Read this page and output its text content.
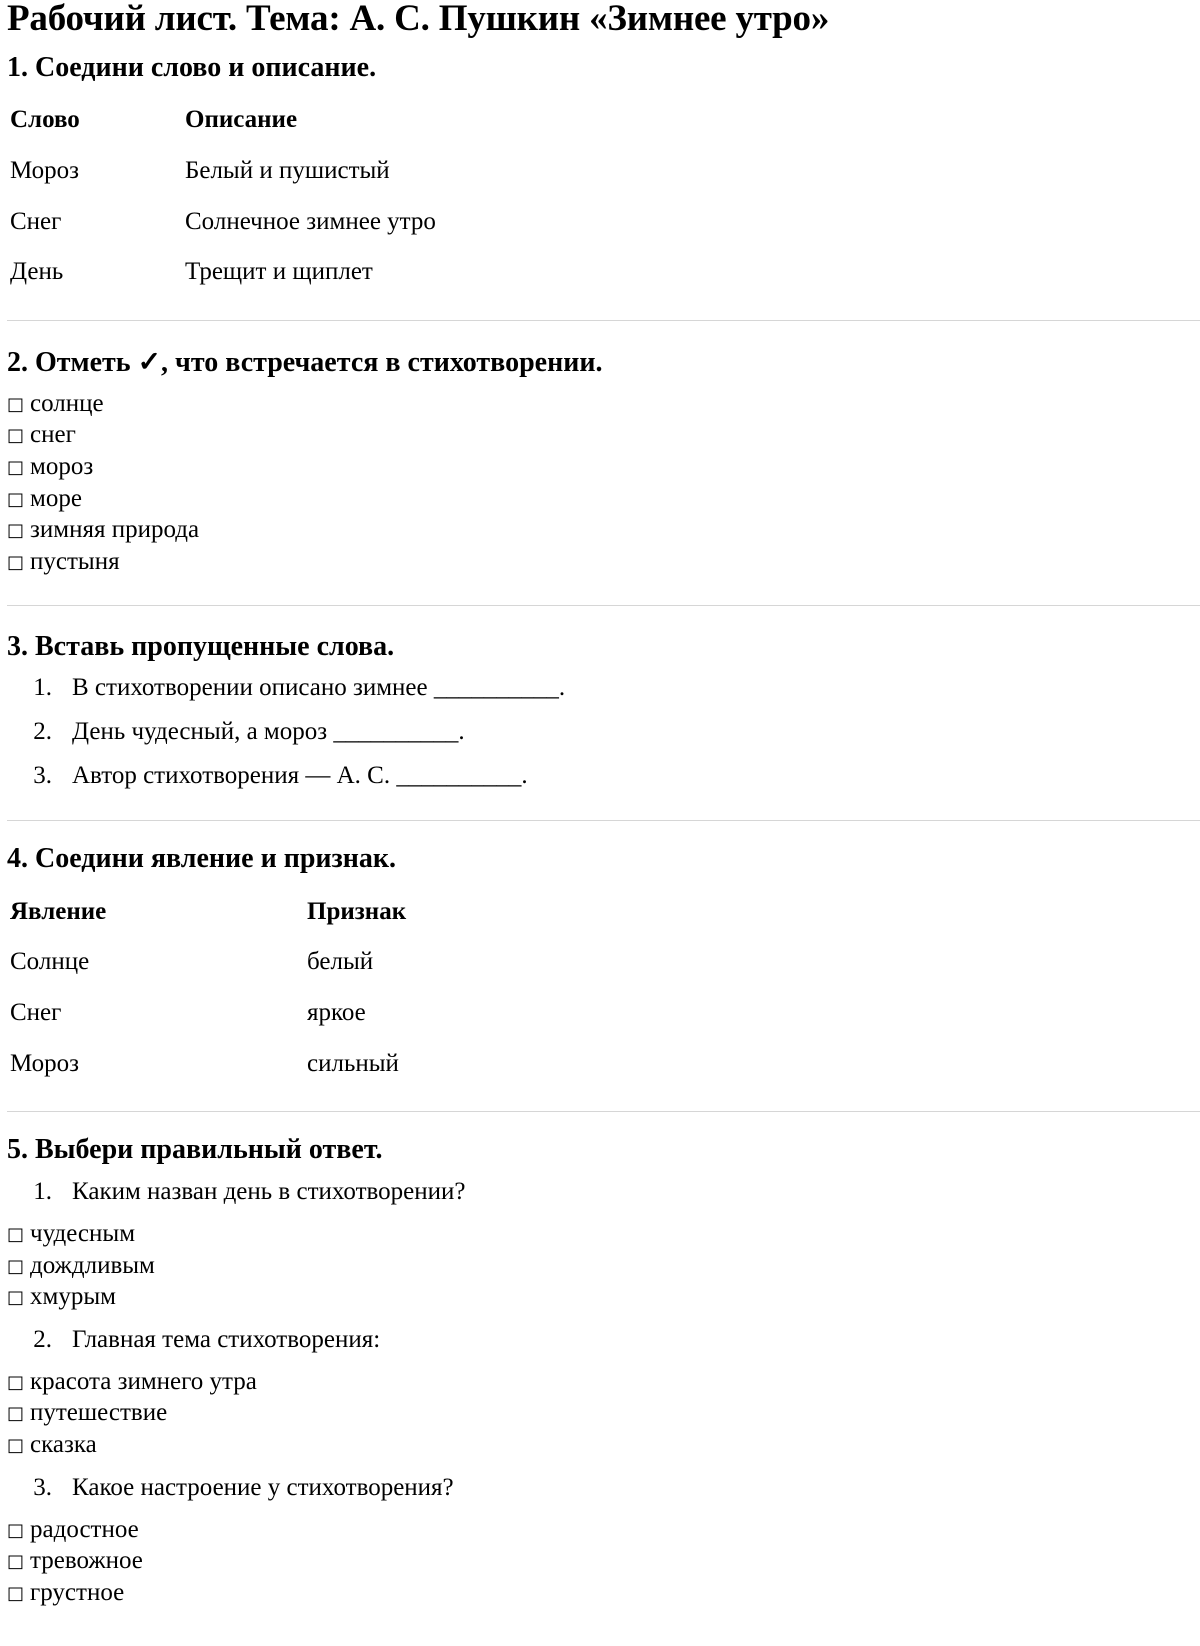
Рабочий лист. Тема: А. С. Пушкин «Зимнее утро»
1. Соедини слово и описание.
Слово	Описание
Мороз	Белый и пушистый
Снег	Солнечное зимнее утро
День	Трещит и щиплет
2. Отметь ✓, что встречается в стихотворении.
□ солнце
□ снег
□ мороз
□ море
□ зимняя природа
□ пустыня
3. Вставь пропущенные слова.
1. В стихотворении описано зимнее __________.
2. День чудесный, а мороз __________.
3. Автор стихотворения — А. С. __________.
4. Соедини явление и признак.
Явление	Признак
Солнце	белый
Снег	яркое
Мороз	сильный
5. Выбери правильный ответ.
1. Каким назван день в стихотворении?
□ чудесным
□ дождливым
□ хмурым
2. Главная тема стихотворения:
□ красота зимнего утра
□ путешествие
□ сказка
3. Какое настроение у стихотворения?
□ радостное
□ тревожное
□ грустное
